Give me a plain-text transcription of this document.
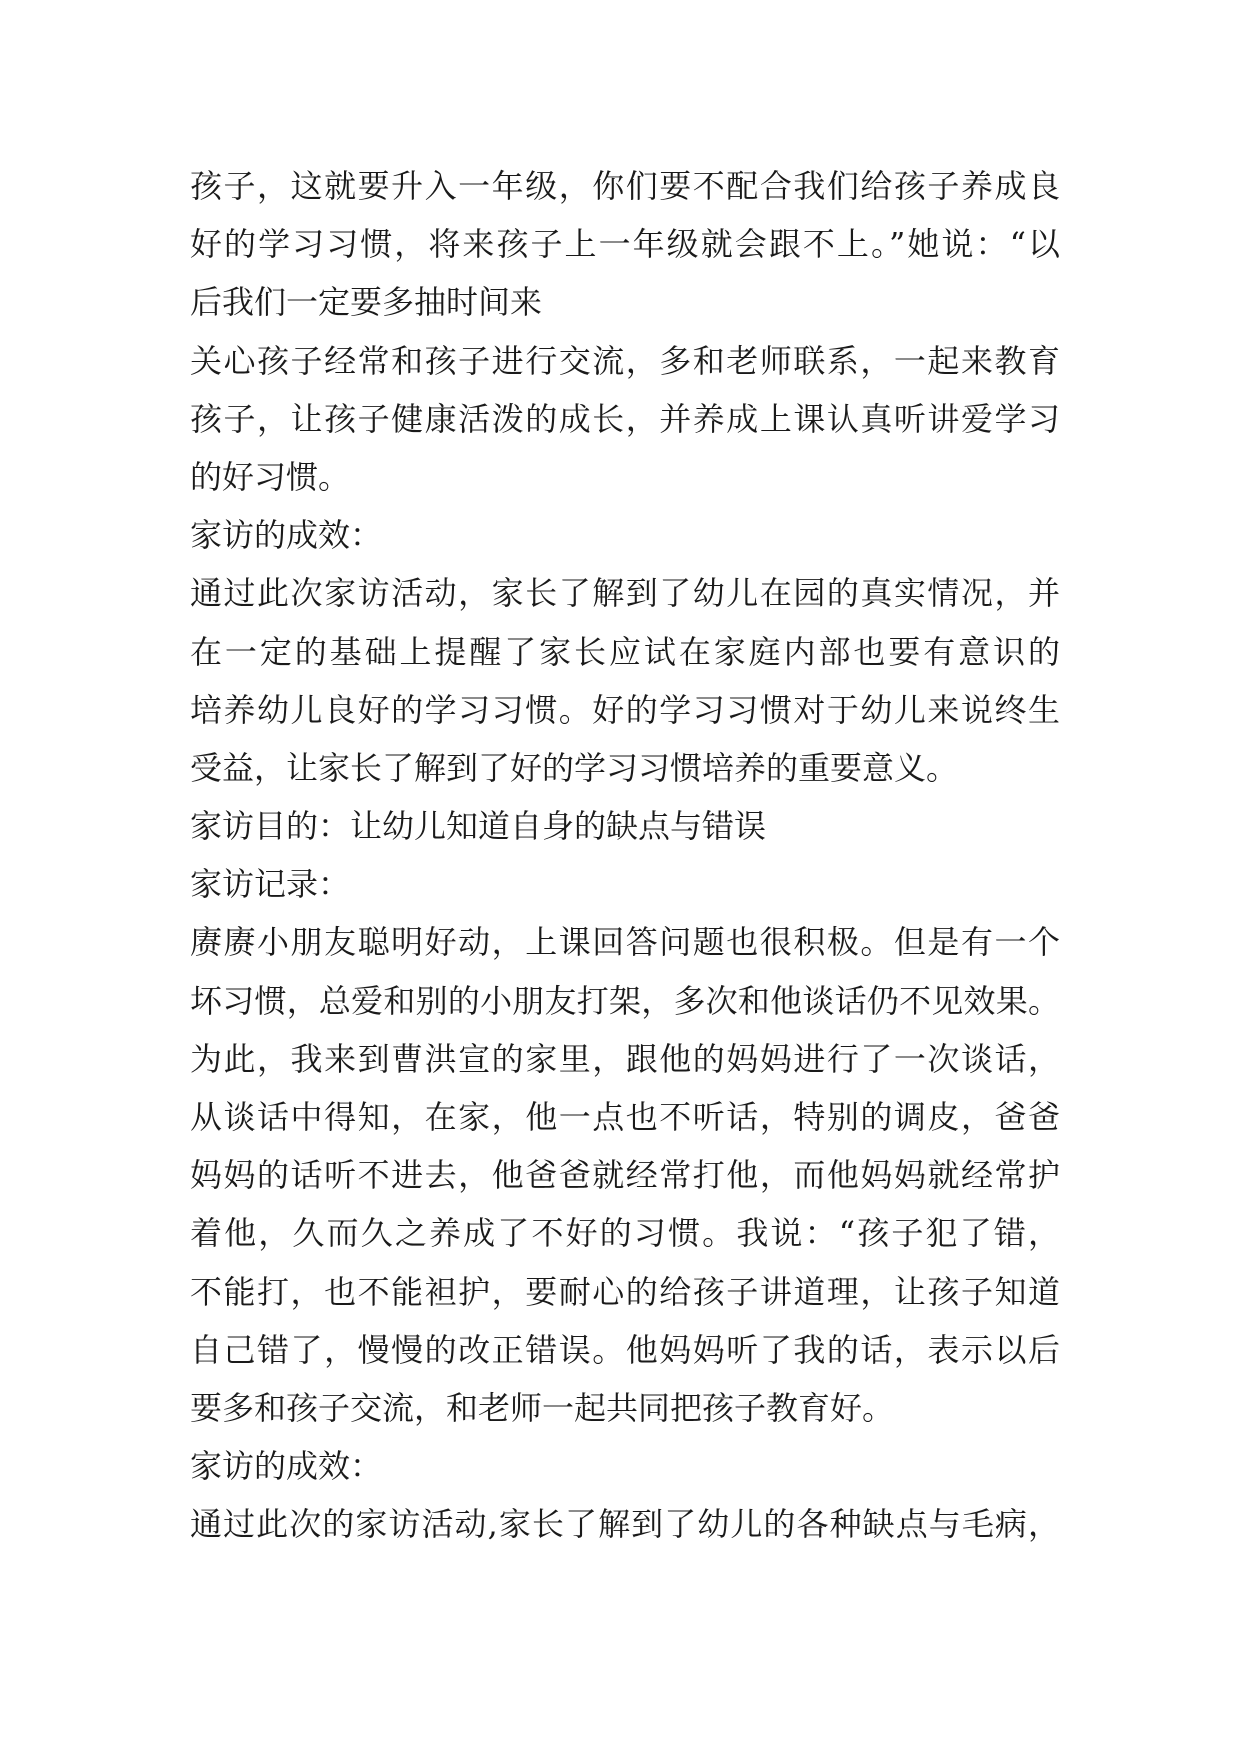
孩子，这就要升入一年级，你们要不配合我们给孩子养成良
好的学习习惯，将来孩子上一年级就会跟不上。”她说：“以
后我们一定要多抽时间来
关心孩子经常和孩子进行交流，多和老师联系，一起来教育
孩子，让孩子健康活泼的成长，并养成上课认真听讲爱学习
的好习惯。
家访的成效：
通过此次家访活动，家长了解到了幼儿在园的真实情况，并
在一定的基础上提醒了家长应试在家庭内部也要有意识的
培养幼儿良好的学习习惯。好的学习习惯对于幼儿来说终生
受益，让家长了解到了好的学习习惯培养的重要意义。
家访目的：让幼儿知道自身的缺点与错误
家访记录：
赓赓小朋友聪明好动，上课回答问题也很积极。但是有一个
坏习惯，总爱和别的小朋友打架，多次和他谈话仍不见效果。
为此，我来到曹洪宣的家里，跟他的妈妈进行了一次谈话，
从谈话中得知，在家，他一点也不听话，特别的调皮，爸爸
妈妈的话听不进去，他爸爸就经常打他，而他妈妈就经常护
着他，久而久之养成了不好的习惯。我说：“孩子犯了错，
不能打，也不能袒护，要耐心的给孩子讲道理，让孩子知道
自己错了，慢慢的改正错误。他妈妈听了我的话，表示以后
要多和孩子交流，和老师一起共同把孩子教育好。
家访的成效：
通过此次的家访活动,家长了解到了幼儿的各种缺点与毛病，
